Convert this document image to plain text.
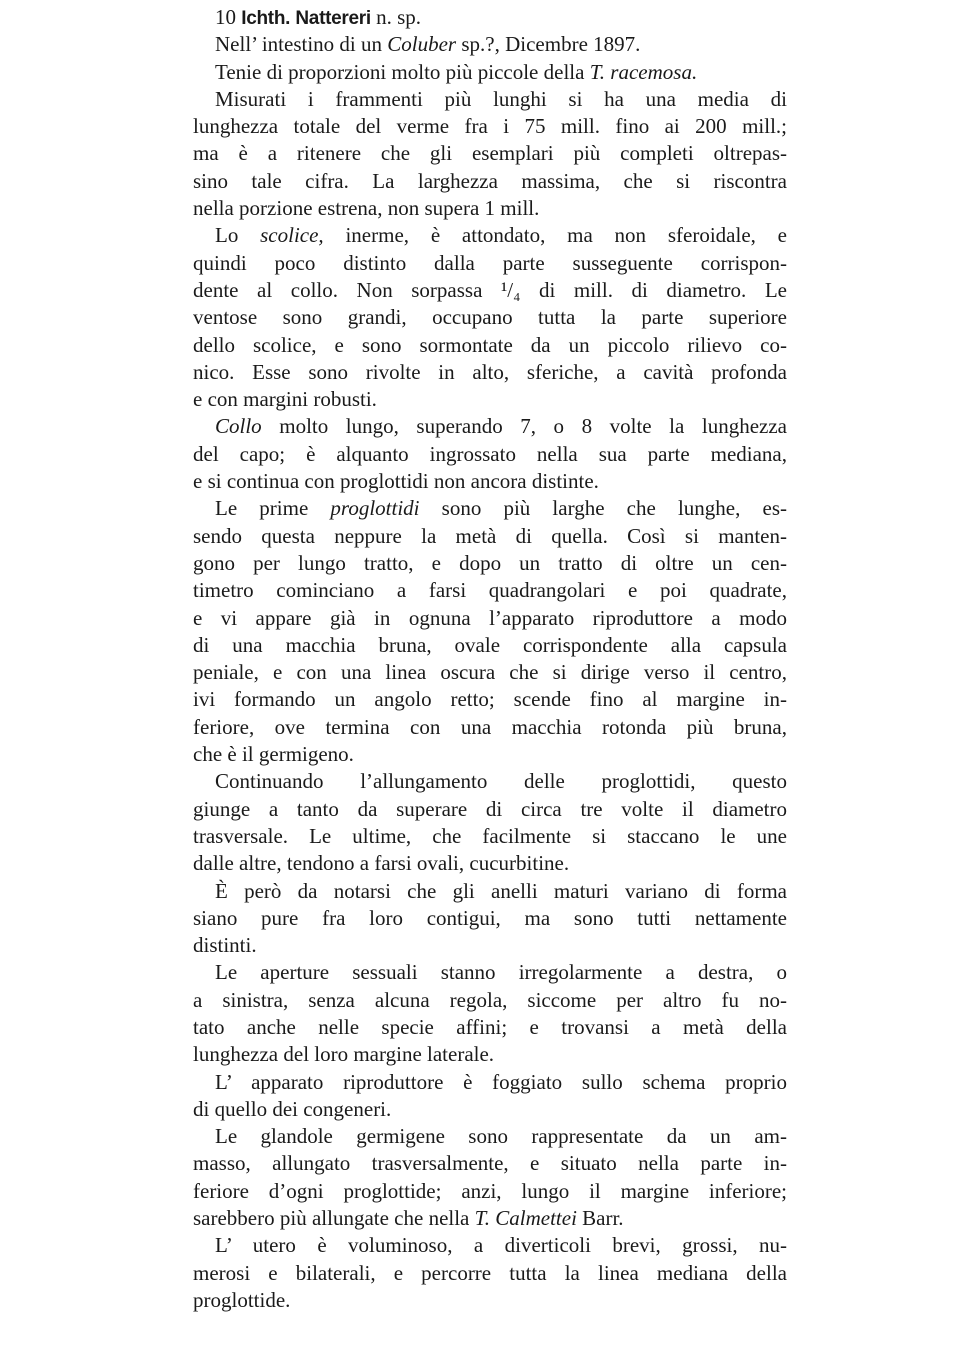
10 Ichth. Nattereri n. sp.
Nell’ intestino di un Coluber sp.?, Dicembre 1897.
Tenie di proporzioni molto più piccole della T. racemosa.
Misurati i frammenti più lunghi si ha una media di
lunghezza totale del verme fra i 75 mill. fino ai 200 mill.;
ma è a ritenere che gli esemplari più completi oltrepas-
sino tale cifra. La larghezza massima, che si riscontra
nella porzione estrena, non supera 1 mill.
Lo scolice, inerme, è attondato, ma non sferoidale, e
quindi poco distinto dalla parte susseguente corrispon-
dente al collo. Non sorpassa ¹/₄ di mill. di diametro. Le
ventose sono grandi, occupano tutta la parte superiore
dello scolice, e sono sormontate da un piccolo rilievo co-
nico. Esse sono rivolte in alto, sferiche, a cavità profonda
e con margini robusti.
Collo molto lungo, superando 7, o 8 volte la lunghezza
del capo; è alquanto ingrossato nella sua parte mediana,
e si continua con proglottidi non ancora distinte.
Le prime proglottidi sono più larghe che lunghe, es-
sendo questa neppure la metà di quella. Così si manten-
gono per lungo tratto, e dopo un tratto di oltre un cen-
timetro cominciano a farsi quadrangolari e poi quadrate,
e vi appare già in ognuna l’apparato riproduttore a modo
di una macchia bruna, ovale corrispondente alla capsula
peniale, e con una linea oscura che si dirige verso il centro,
ivi formando un angolo retto; scende fino al margine in-
feriore, ove termina con una macchia rotonda più bruna,
che è il germigeno.
Continuando l’allungamento delle proglottidi, questo
giunge a tanto da superare di circa tre volte il diametro
trasversale. Le ultime, che facilmente si staccano le une
dalle altre, tendono a farsi ovali, cucurbitine.
È però da notarsi che gli anelli maturi variano di forma
siano pure fra loro contigui, ma sono tutti nettamente
distinti.
Le aperture sessuali stanno irregolarmente a destra, o
a sinistra, senza alcuna regola, siccome per altro fu no-
tato anche nelle specie affini; e trovansi a metà della
lunghezza del loro margine laterale.
L’ apparato riproduttore è foggiato sullo schema proprio
di quello dei congeneri.
Le glandole germigene sono rappresentate da un am-
masso, allungato trasversalmente, e situato nella parte in-
feriore d’ogni proglottide; anzi, lungo il margine inferiore;
sarebbero più allungate che nella T. Calmettei Barr.
L’ utero è voluminoso, a diverticoli brevi, grossi, nu-
merosi e bilaterali, e percorre tutta la linea mediana della
proglottide.
